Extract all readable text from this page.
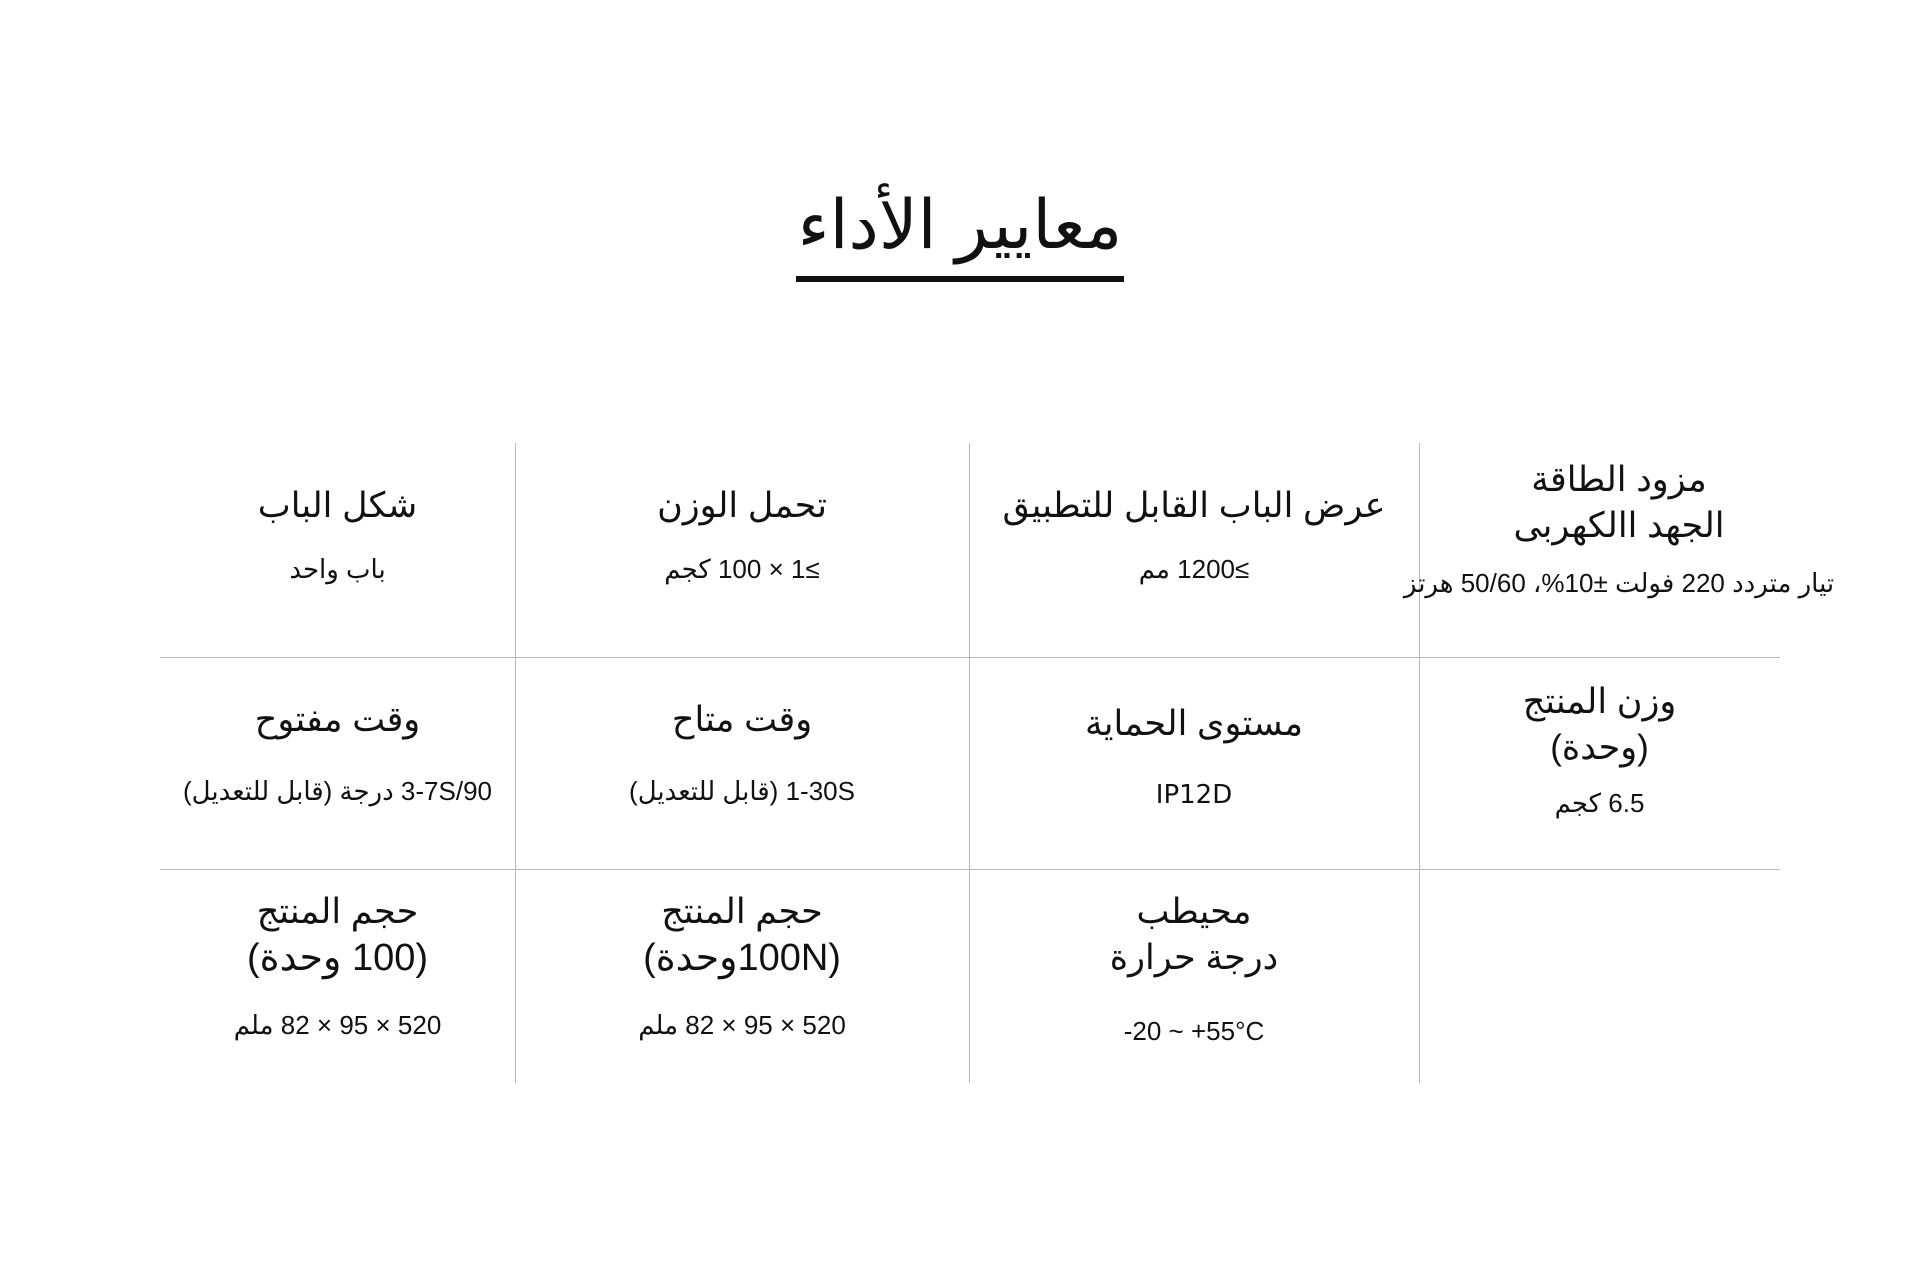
معايير الأداء
مزود الطاقة
الجهد االكهربى
تيار متردد 220 فولت ±10%، 50/60 هرتز
عرض الباب القابل للتطبيق
≥1200 مم
تحمل الوزن
≥1 × 100 كجم
شكل الباب
باب واحد
وزن المنتج
(وحدة)
6.5 كجم
مستوى الحماية
IP12D
وقت متاح
1-30S (قابل للتعديل)
وقت مفتوح
3-7S/90 درجة (قابل للتعديل)
محيطب
درجة حرارة
-20 ~ +55°C
حجم المنتج
(100Nوحدة)
520 × 95 × 82 ملم
حجم المنتج
(100 وحدة)
520 × 95 × 82 ملم
